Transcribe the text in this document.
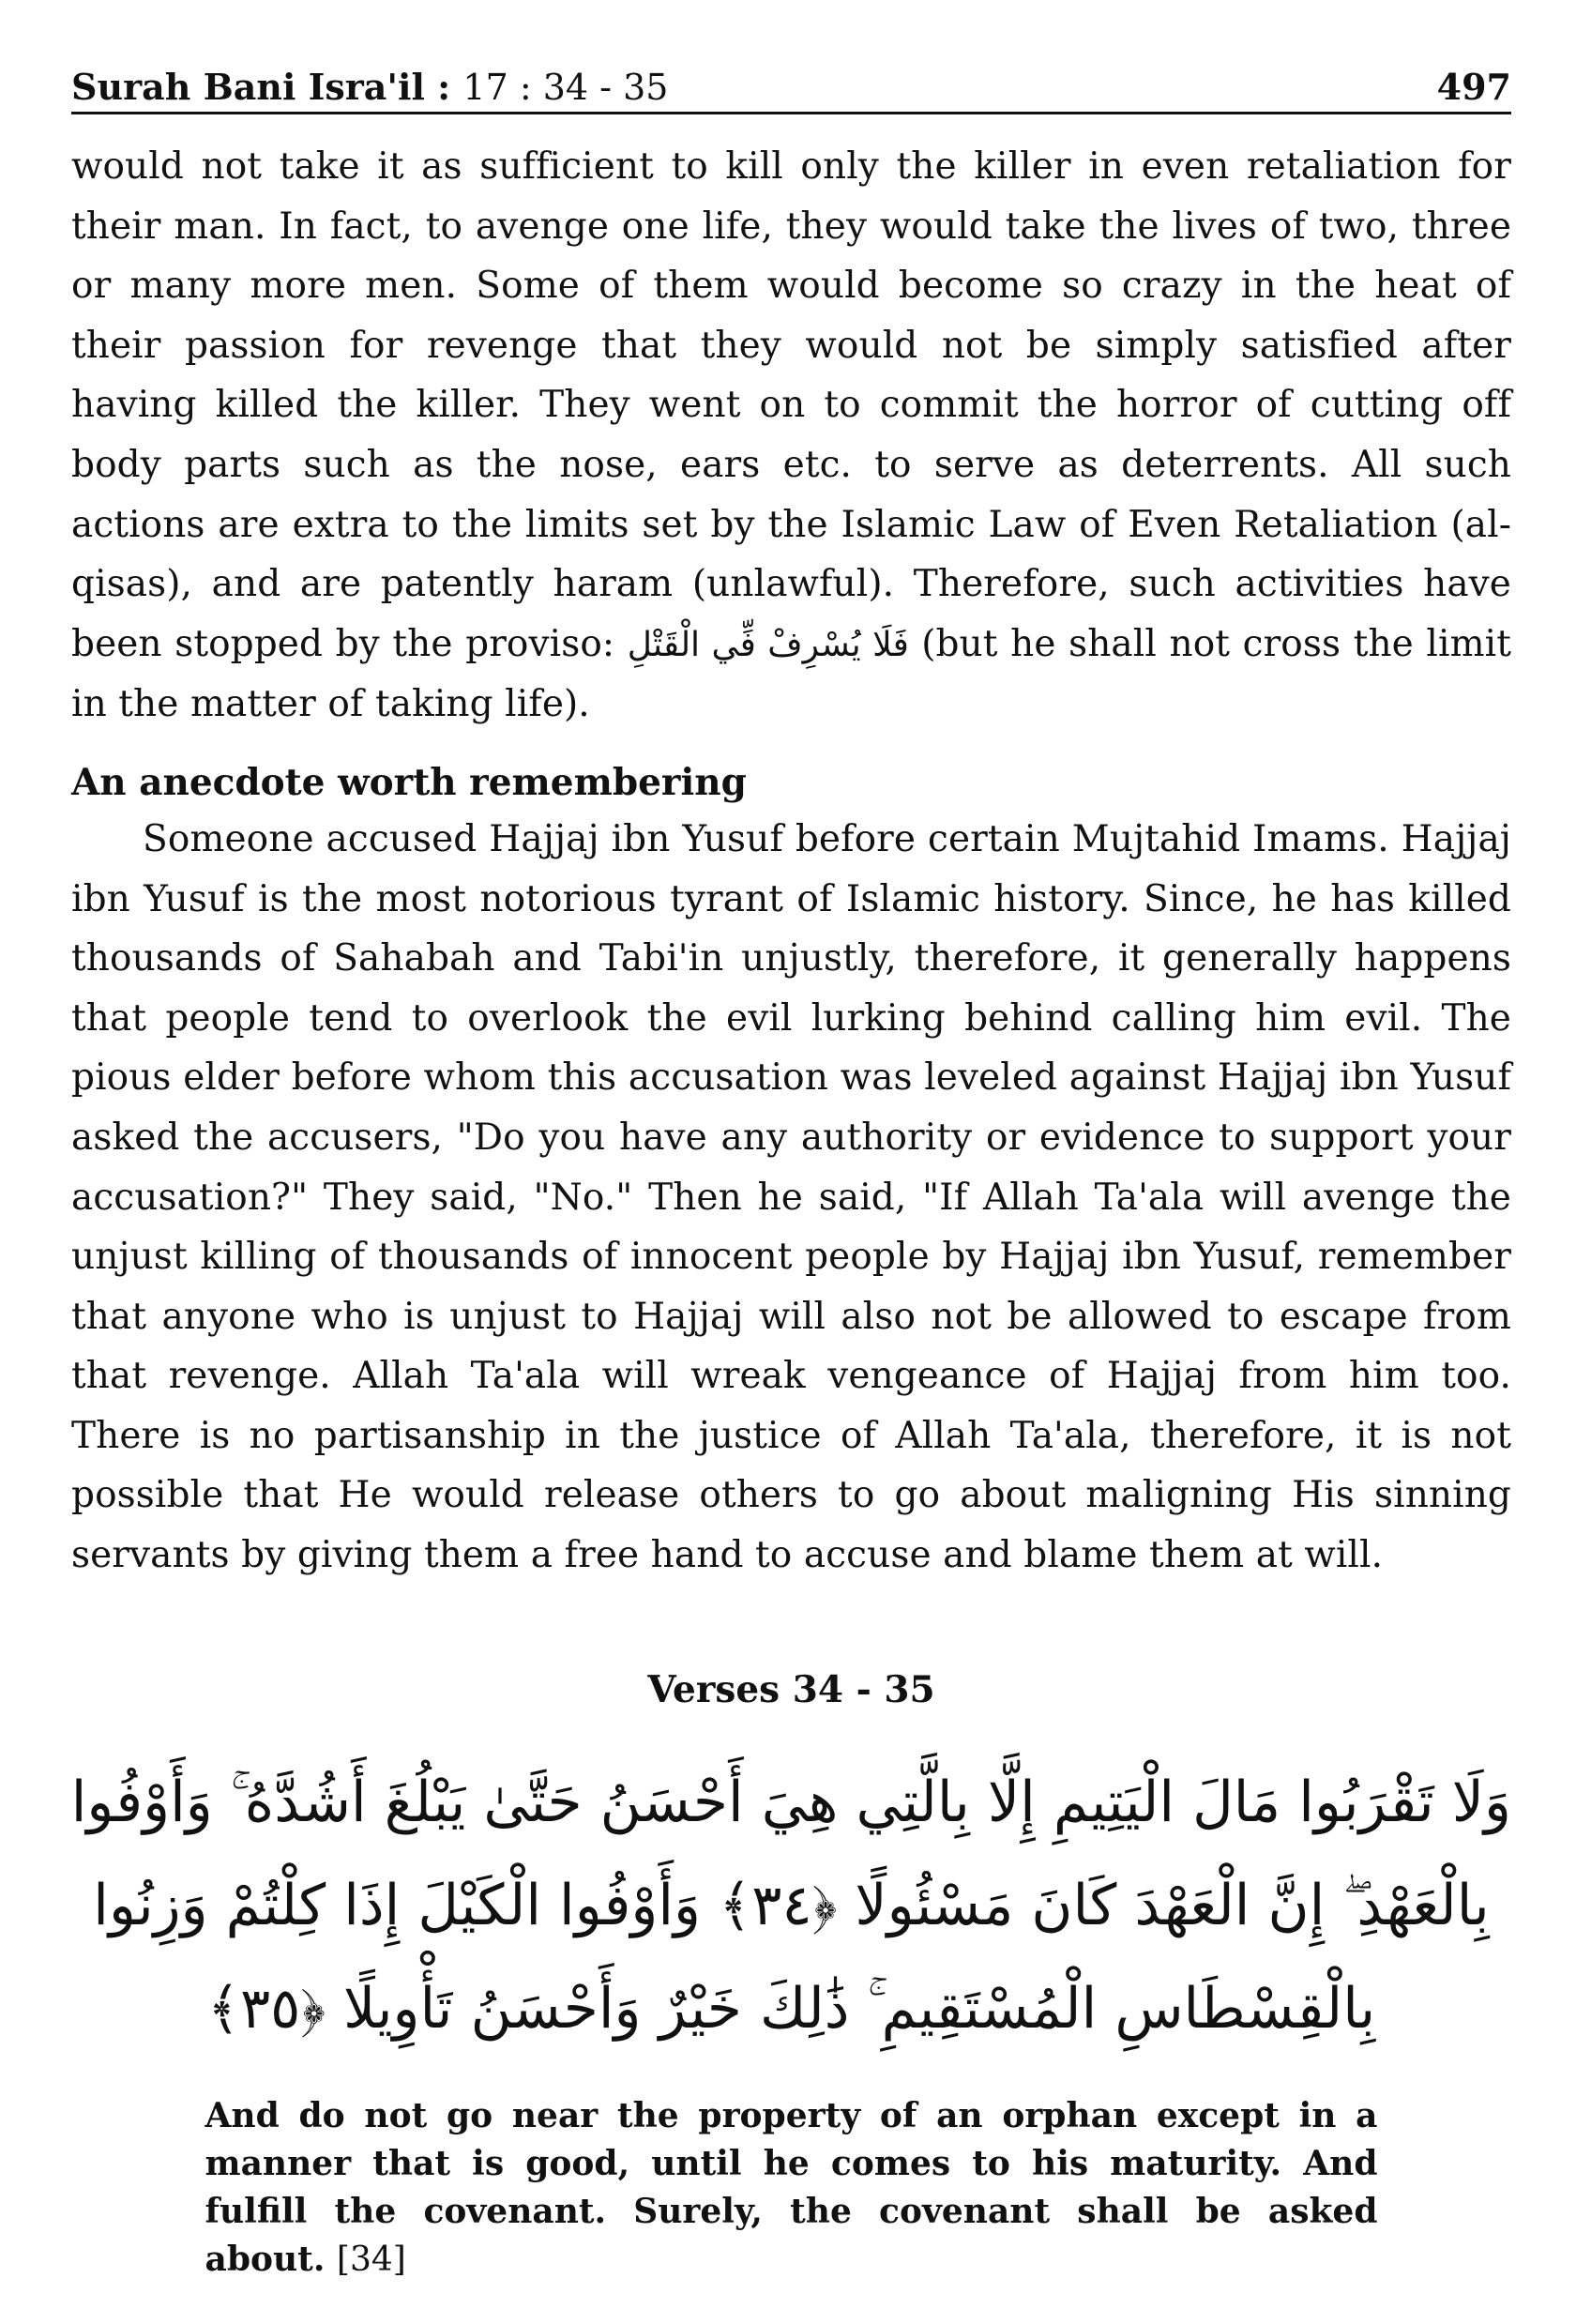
Surah Bani Isra'il : 17 : 34 - 35	497

would not take it as sufficient to kill only the killer in even retaliation for their man. In fact, to avenge one life, they would take the lives of two, three or many more men. Some of them would become so crazy in the heat of their passion for revenge that they would not be simply satisfied after having killed the killer. They went on to commit the horror of cutting off body parts such as the nose, ears etc. to serve as deterrents. All such actions are extra to the limits set by the Islamic Law of Even Retaliation (al-qisas), and are patently haram (unlawful). Therefore, such activities have been stopped by the proviso: فَلَا يُسْرِفْ فِّي الْقَتْلِ (but he shall not cross the limit in the matter of taking life).

An anecdote worth remembering

Someone accused Hajjaj ibn Yusuf before certain Mujtahid Imams. Hajjaj ibn Yusuf is the most notorious tyrant of Islamic history. Since, he has killed thousands of Sahabah and Tabi'in unjustly, therefore, it generally happens that people tend to overlook the evil lurking behind calling him evil. The pious elder before whom this accusation was leveled against Hajjaj ibn Yusuf asked the accusers, "Do you have any authority or evidence to support your accusation?" They said, "No." Then he said, "If Allah Ta'ala will avenge the unjust killing of thousands of innocent people by Hajjaj ibn Yusuf, remember that anyone who is unjust to Hajjaj will also not be allowed to escape from that revenge. Allah Ta'ala will wreak vengeance of Hajjaj from him too. There is no partisanship in the justice of Allah Ta'ala, therefore, it is not possible that He would release others to go about maligning His sinning servants by giving them a free hand to accuse and blame them at will.

Verses 34 - 35
وَلَا تَقْرَبُوا مَالَ الْيَتِيمِ إِلَّا بِالَّتِي هِيَ أَحْسَنُ حَتَّىٰ يَبْلُغَ أَشُدَّهُ ۚ وَأَوْفُوا
بِالْعَهْدِ ۖ إِنَّ الْعَهْدَ كَانَ مَسْئُولًا ﴿٣٤﴾ وَأَوْفُوا الْكَيْلَ إِذَا كِلْتُمْ وَزِنُوا
بِالْقِسْطَاسِ الْمُسْتَقِيمِ ۚ ذَٰلِكَ خَيْرٌ وَأَحْسَنُ تَأْوِيلًا ﴿٣٥﴾

And do not go near the property of an orphan except in a manner that is good, until he comes to his maturity. And fulfill the covenant. Surely, the covenant shall be asked about. [34]
